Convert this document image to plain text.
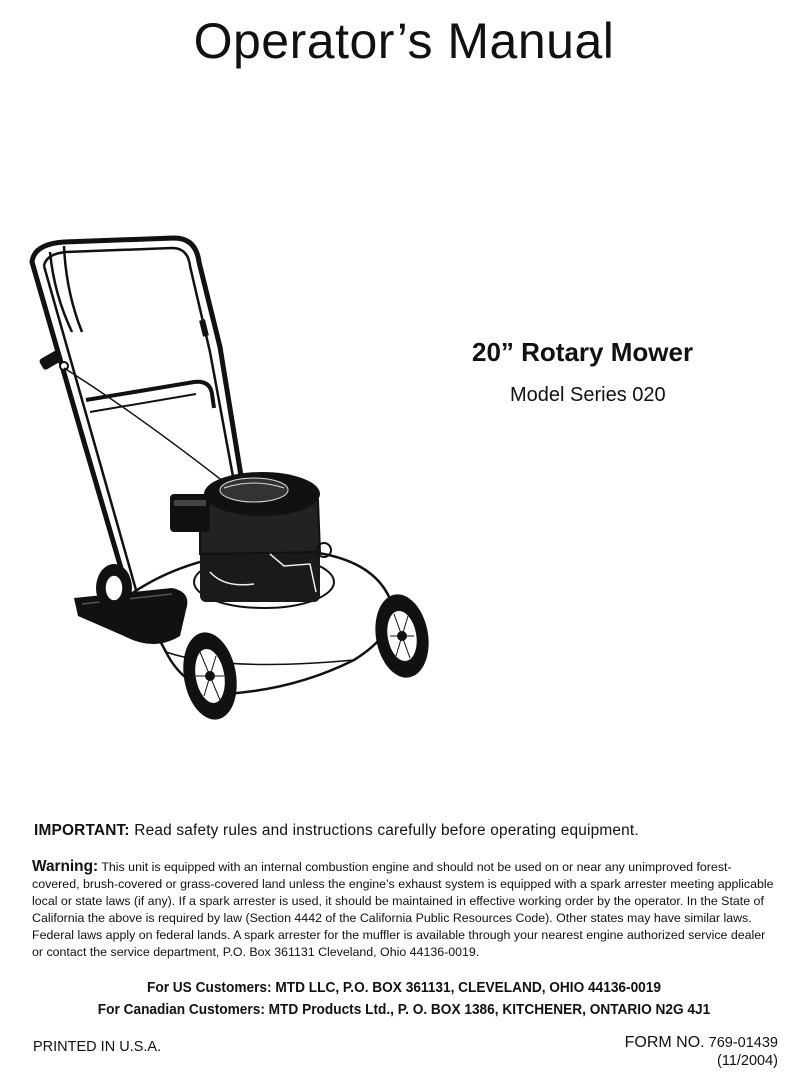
Operator’s Manual
20” Rotary Mower
Model Series 020
IMPORTANT: Read safety rules and instructions carefully before operating equipment.
Warning: This unit is equipped with an internal combustion engine and should not be used on or near any unimproved forest-covered, brush-covered or grass-covered land unless the engine’s exhaust system is equipped with a spark arrester meeting applicable local or state laws (if any). If a spark arrester is used, it should be maintained in effective working order by the operator. In the State of California the above is required by law (Section 4442 of the California Public Resources Code). Other states may have similar laws. Federal laws apply on federal lands. A spark arrester for the muffler is available through your nearest engine authorized service dealer or contact the service department, P.O. Box 361131 Cleveland, Ohio 44136-0019.
For US Customers: MTD LLC, P.O. BOX 361131, CLEVELAND, OHIO 44136-0019
For Canadian Customers: MTD Products Ltd., P. O. BOX 1386, KITCHENER, ONTARIO N2G 4J1
PRINTED IN U.S.A.	FORM NO. 769-01439
(11/2004)
